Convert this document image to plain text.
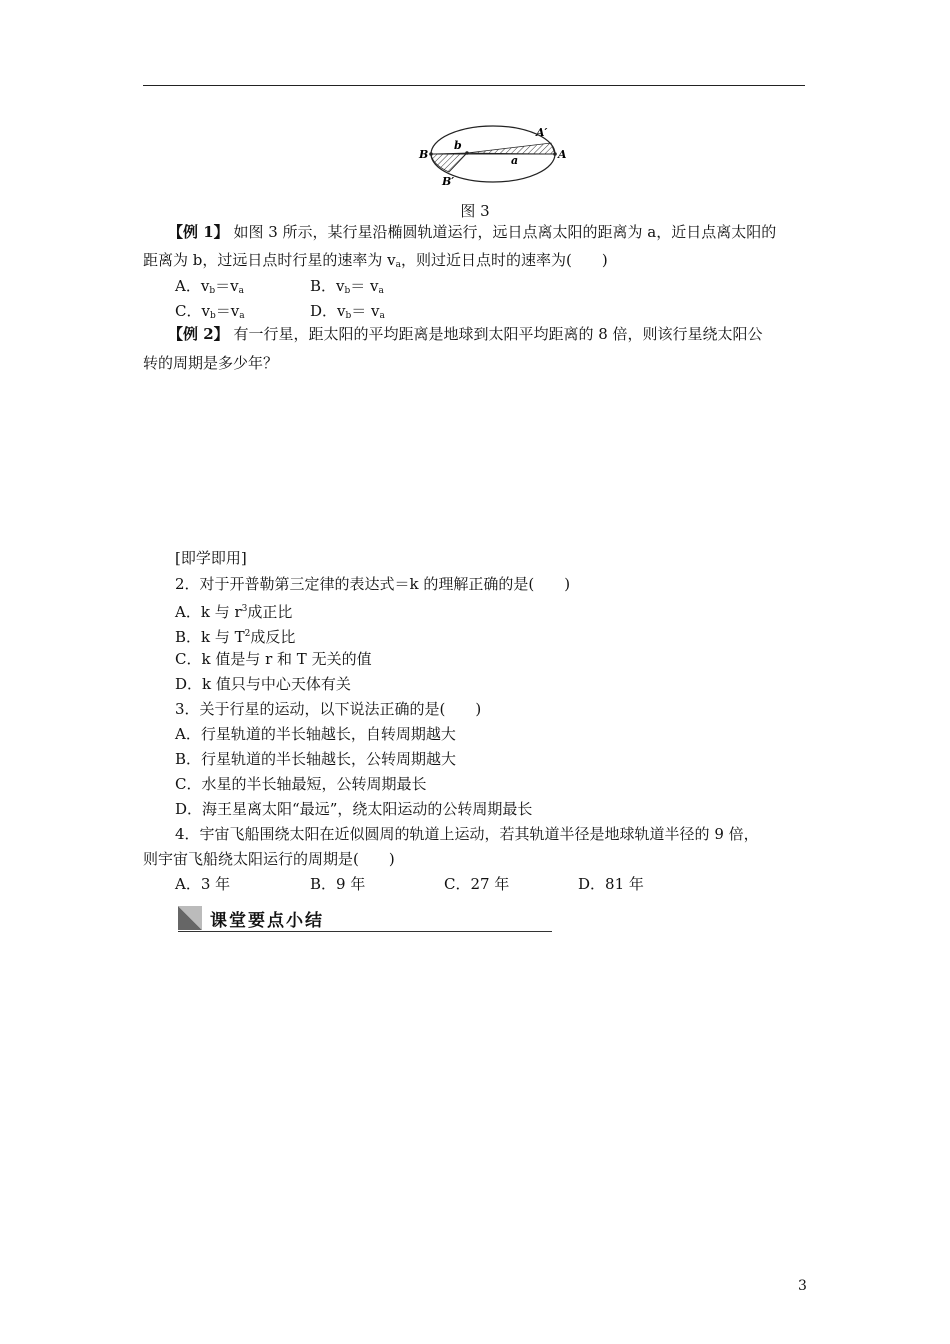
B
B′
A
A′
b
a
图 3
【例 1】 如图 3 所示，某行星沿椭圆轨道运行，远日点离太阳的距离为 a，近日点离太阳的
距离为 b，过远日点时行星的速率为 $v_a$，则过近日点时的速率为(　　)
A．$v_b=v_a$	B．$v_b= v_a$
C．$v_b=v_a$	D．$v_b= v_a$
【例 2】 有一行星，距太阳的平均距离是地球到太阳平均距离的 8 倍，则该行星绕太阳公
转的周期是多少年？
[即学即用]
2．对于开普勒第三定律的表达式＝k 的理解正确的是(　　)
A．k 与 $r^3$成正比
B．k 与 $T^2$成反比
C．k 值是与 r 和 T 无关的值
D．k 值只与中心天体有关
3．关于行星的运动，以下说法正确的是(　　)
A．行星轨道的半长轴越长，自转周期越大
B．行星轨道的半长轴越长，公转周期越大
C．水星的半长轴最短，公转周期最长
D．海王星离太阳“最远”，绕太阳运动的公转周期最长
4．宇宙飞船围绕太阳在近似圆周的轨道上运动，若其轨道半径是地球轨道半径的 9 倍，
则宇宙飞船绕太阳运行的周期是(　　)
A．3 年	B．9 年	C．27 年	D．81 年
课堂要点小结
3
